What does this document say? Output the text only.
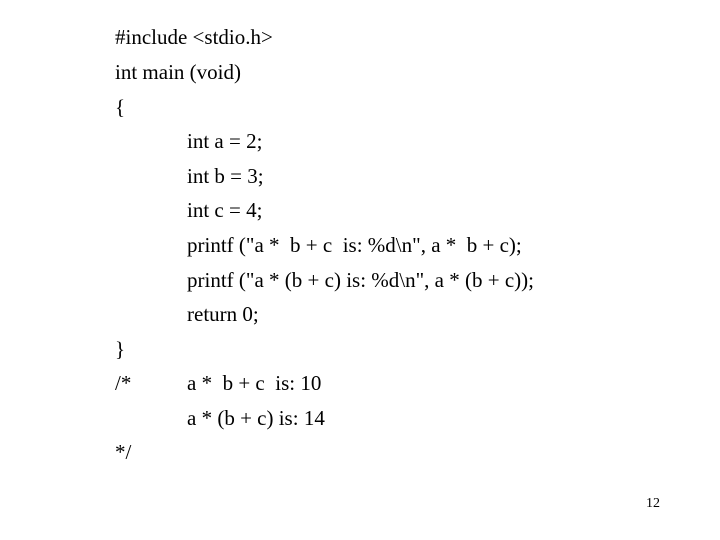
#include <stdio.h>
int main (void)
{
int a = 2;
int b = 3;
int c = 4;
printf ("a *  b + c  is: %d\n", a *  b + c);
printf ("a * (b + c) is: %d\n", a * (b + c));
return 0;
}
/*	a *  b + c  is: 10
a * (b + c) is: 14
*/
12
